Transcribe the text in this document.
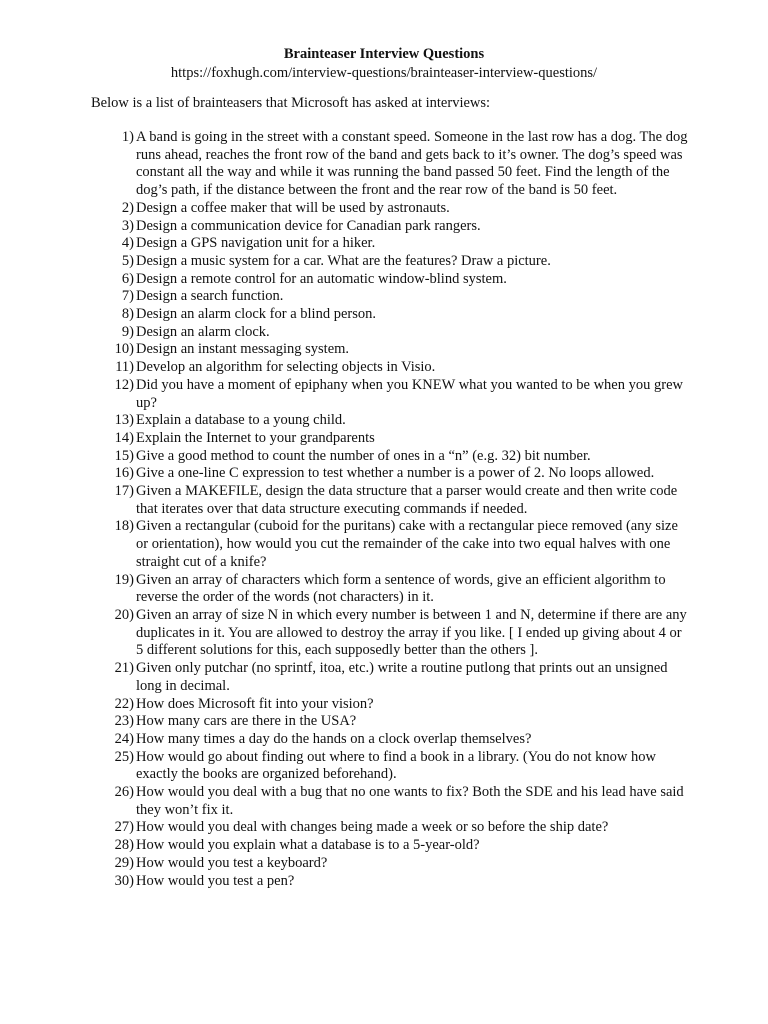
Brainteaser Interview Questions
https://foxhugh.com/interview-questions/brainteaser-interview-questions/
Below is a list of brainteasers that Microsoft has asked at interviews:
1) A band is going in the street with a constant speed. Someone in the last row has a dog. The dog runs ahead, reaches the front row of the band and gets back to it’s owner. The dog’s speed was constant all the way and while it was running the band passed 50 feet. Find the length of the dog’s path, if the distance between the front and the rear row of the band is 50 feet.
2) Design a coffee maker that will be used by astronauts.
3) Design a communication device for Canadian park rangers.
4) Design a GPS navigation unit for a hiker.
5) Design a music system for a car. What are the features? Draw a picture.
6) Design a remote control for an automatic window-blind system.
7) Design a search function.
8) Design an alarm clock for a blind person.
9) Design an alarm clock.
10) Design an instant messaging system.
11) Develop an algorithm for selecting objects in Visio.
12) Did you have a moment of epiphany when you KNEW what you wanted to be when you grew up?
13) Explain a database to a young child.
14) Explain the Internet to your grandparents
15) Give a good method to count the number of ones in a “n” (e.g. 32) bit number.
16) Give a one-line C expression to test whether a number is a power of 2. No loops allowed.
17) Given a MAKEFILE, design the data structure that a parser would create and then write code that iterates over that data structure executing commands if needed.
18) Given a rectangular (cuboid for the puritans) cake with a rectangular piece removed (any size or orientation), how would you cut the remainder of the cake into two equal halves with one straight cut of a knife?
19) Given an array of characters which form a sentence of words, give an efficient algorithm to reverse the order of the words (not characters) in it.
20) Given an array of size N in which every number is between 1 and N, determine if there are any duplicates in it. You are allowed to destroy the array if you like. [ I ended up giving about 4 or 5 different solutions for this, each supposedly better than the others ].
21) Given only putchar (no sprintf, itoa, etc.) write a routine putlong that prints out an unsigned long in decimal.
22) How does Microsoft fit into your vision?
23) How many cars are there in the USA?
24) How many times a day do the hands on a clock overlap themselves?
25) How would go about finding out where to find a book in a library. (You do not know how exactly the books are organized beforehand).
26) How would you deal with a bug that no one wants to fix? Both the SDE and his lead have said they won’t fix it.
27) How would you deal with changes being made a week or so before the ship date?
28) How would you explain what a database is to a 5-year-old?
29) How would you test a keyboard?
30) How would you test a pen?
